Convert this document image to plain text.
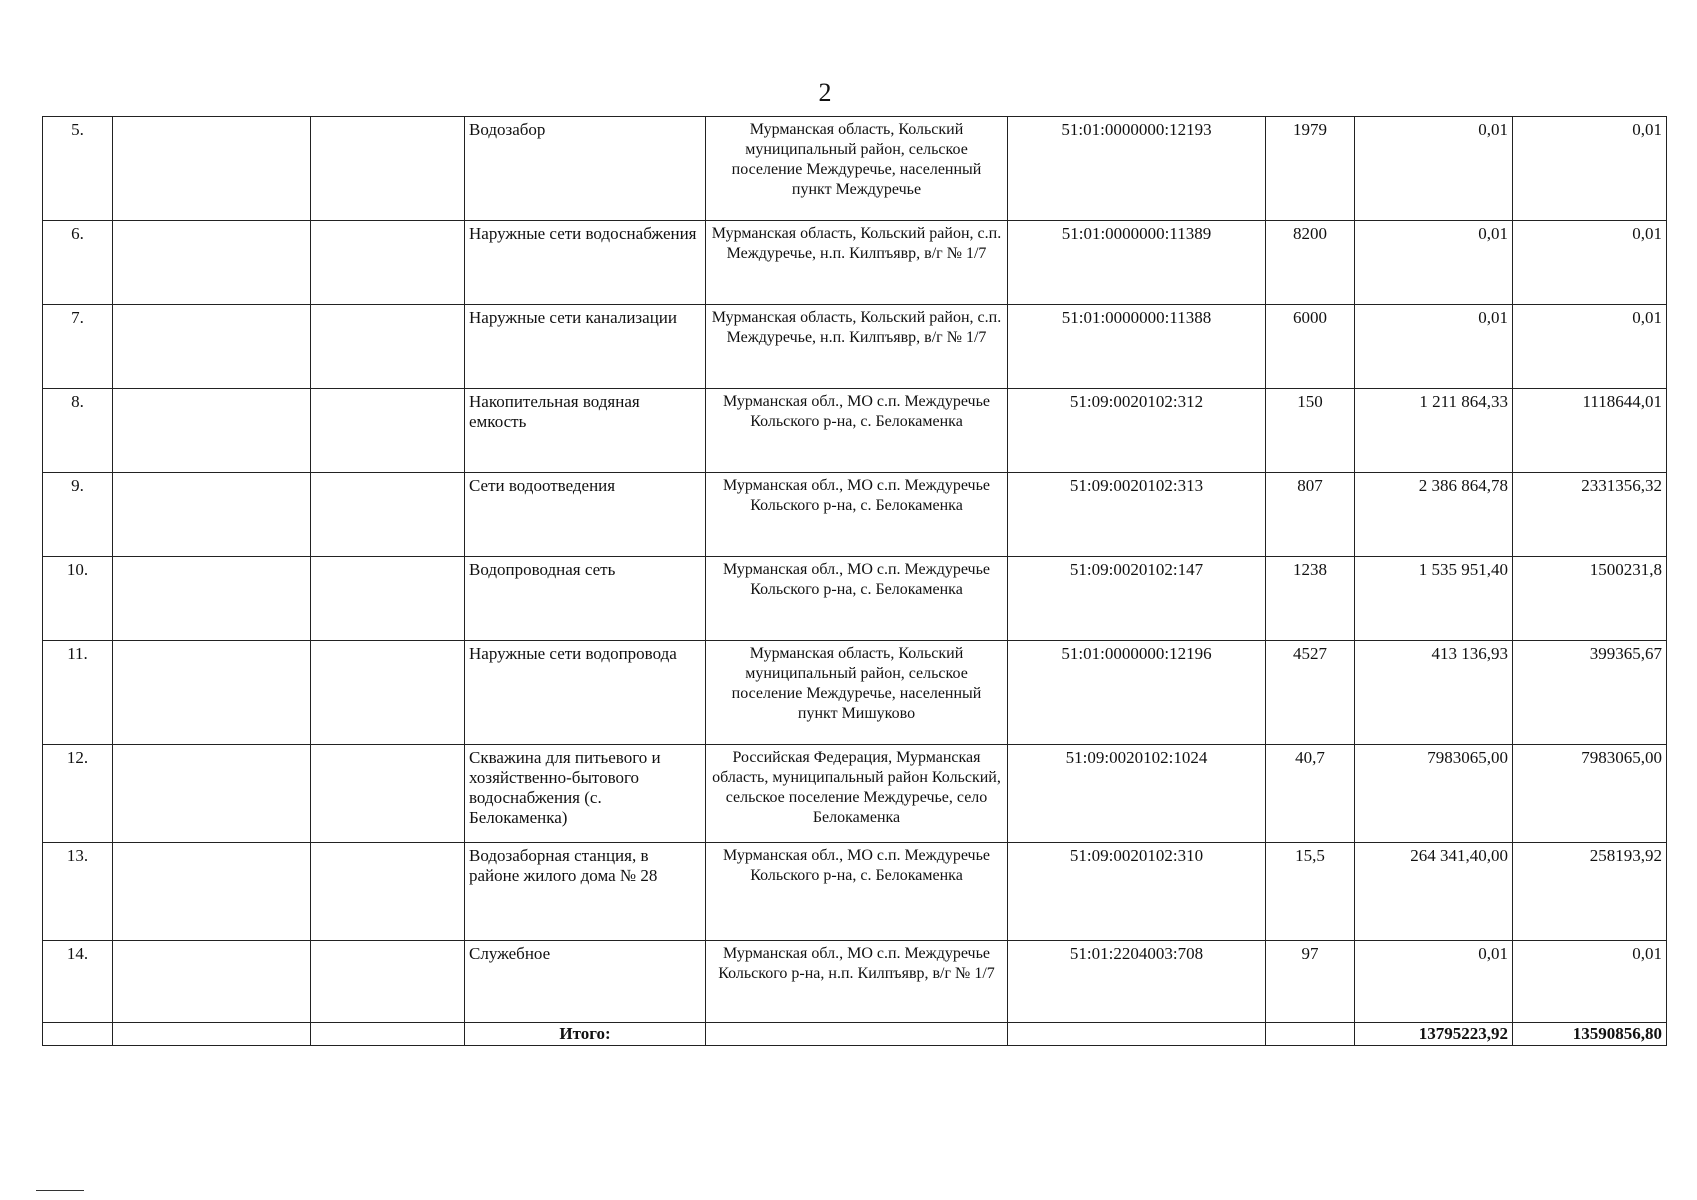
2
5.			Водозабор	Мурманская область, Кольский муниципальный район, сельское поселение Междуречье, населенный пункт Междуречье	51:01:0000000:12193	1979	0,01	0,01
6.			Наружные сети водоснабжения	Мурманская область, Кольский район, с.п. Междуречье, н.п. Килпъявр, в/г № 1/7	51:01:0000000:11389	8200	0,01	0,01
7.			Наружные сети канализации	Мурманская область, Кольский район, с.п. Междуречье, н.п. Килпъявр, в/г № 1/7	51:01:0000000:11388	6000	0,01	0,01
8.			Накопительная водяная емкость	Мурманская обл., МО с.п. Междуречье Кольского р-на, с. Белокаменка	51:09:0020102:312	150	1 211 864,33	1118644,01
9.			Сети водоотведения	Мурманская обл., МО с.п. Междуречье Кольского р-на, с. Белокаменка	51:09:0020102:313	807	2 386 864,78	2331356,32
10.			Водопроводная сеть	Мурманская обл., МО с.п. Междуречье Кольского р-на, с. Белокаменка	51:09:0020102:147	1238	1 535 951,40	1500231,8
11.			Наружные сети водопровода	Мурманская область, Кольский муниципальный район, сельское поселение Междуречье, населенный пункт Мишуково	51:01:0000000:12196	4527	413 136,93	399365,67
12.			Скважина для питьевого и хозяйственно-бытового водоснабжения (с. Белокаменка)	Российская Федерация, Мурманская область, муниципальный район Кольский, сельское поселение Междуречье, село Белокаменка	51:09:0020102:1024	40,7	7983065,00	7983065,00
13.			Водозаборная станция, в районе жилого дома № 28	Мурманская обл., МО с.п. Междуречье Кольского р-на, с. Белокаменка	51:09:0020102:310	15,5	264 341,40,00	258193,92
14.			Служебное	Мурманская обл., МО с.п. Междуречье Кольского р-на, н.п. Килпъявр, в/г № 1/7	51:01:2204003:708	97	0,01	0,01
			Итого:				13795223,92	13590856,80
